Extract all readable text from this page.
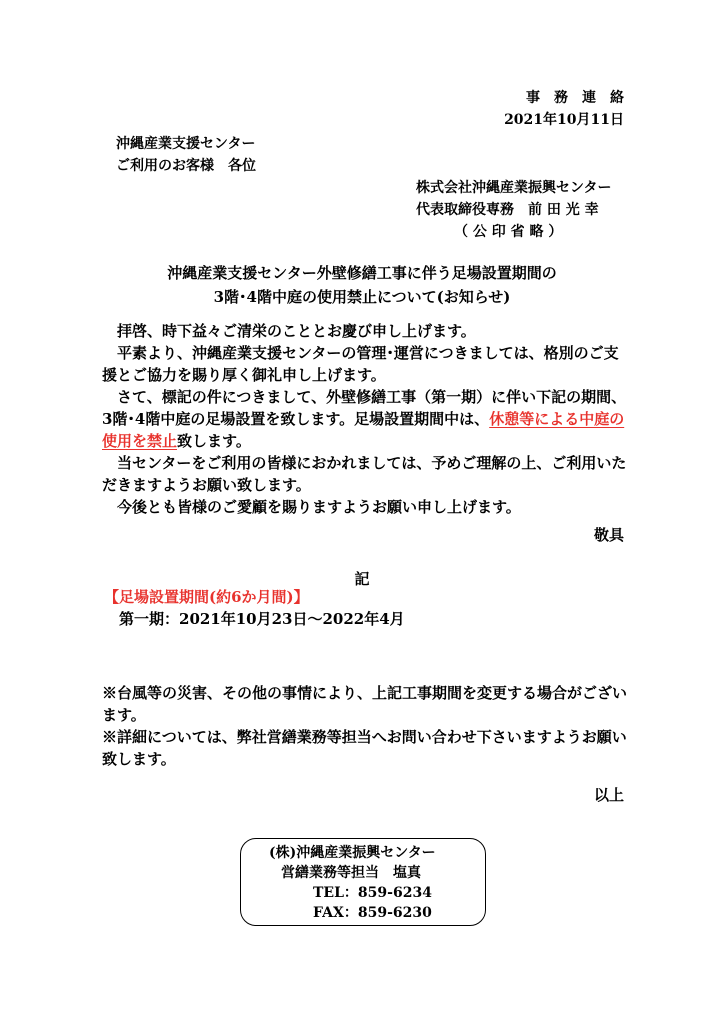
事　務　連　絡
2021年10月11日
沖縄産業支援センター
ご利用のお客様　各位
株式会社沖縄産業振興センター
代表取締役専務　前 田 光 幸
（ 公 印 省 略 ）
沖縄産業支援センター外壁修繕工事に伴う足場設置期間の
3階･4階中庭の使用禁止について(お知らせ)

　拝啓、時下益々ご清栄のこととお慶び申し上げます。

　平素より、沖縄産業支援センターの管理･運営につきましては、格別のご支援とご協力を賜り厚く御礼申し上げます。

　さて、標記の件につきまして、外壁修繕工事（第一期）に伴い下記の期間、3階･4階中庭の足場設置を致します。足場設置期間中は、休憩等による中庭の使用を禁止致します。

　当センターをご利用の皆様におかれましては、予めご理解の上、ご利用いただきますようお願い致します。

　今後とも皆様のご愛顧を賜りますようお願い申し上げます。

敬具
記
【足場設置期間(約6か月間)】
　第一期：2021年10月23日～2022年4月

※台風等の災害、その他の事情により、上記工事期間を変更する場合がございます。

※詳細については、弊社営繕業務等担当へお問い合わせ下さいますようお願い致します。

以上
(株)沖縄産業振興センター
営繕業務等担当　塩真
TEL：859-6234
FAX：859-6230
